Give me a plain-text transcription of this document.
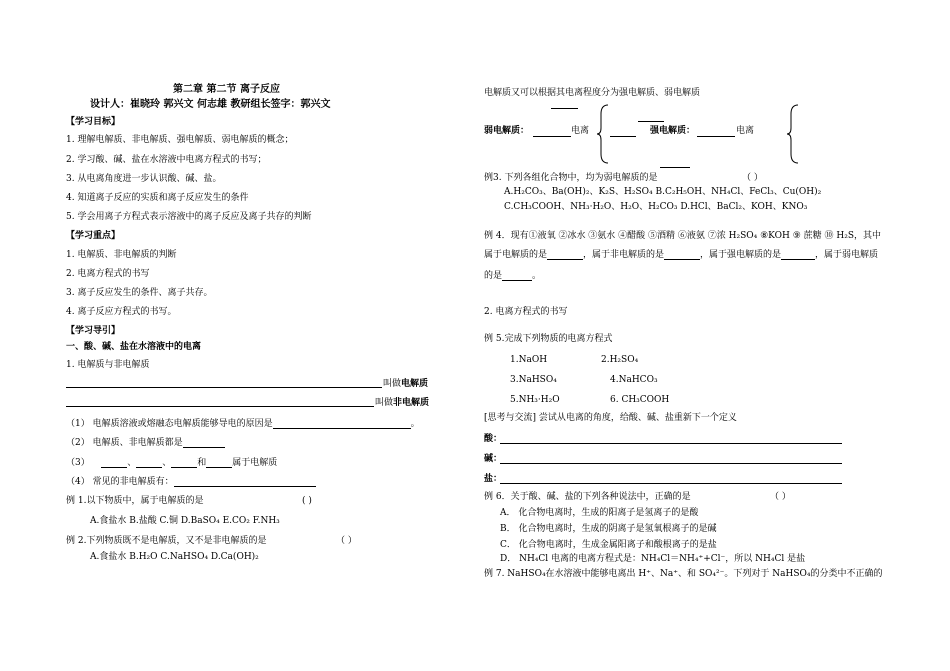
第二章 第二节 离子反应
设计人：崔晓玲 郭兴文 何志雄 教研组长签字：郭兴文
【学习目标】
1. 理解电解质、非电解质、强电解质、弱电解质的概念；
2. 学习酸、碱、盐在水溶液中电离方程式的书写；
3. 从电离角度进一步认识酸、碱、盐。
4. 知道离子反应的实质和离子反应发生的条件
5. 学会用离子方程式表示溶液中的离子反应及离子共存的判断
【学习重点】
1. 电解质、非电解质的判断
2. 电离方程式的书写
3. 离子反应发生的条件、离子共存。
4. 离子反应方程式的书写。
【学习导引】
一、酸、碱、盐在水溶液中的电离
1. 电解质与非电解质
叫做电解质
叫做非电解质
（1） 电解质溶液或熔融态电解质能够导电的原因是	。
（2） 电解质、非电解质都是
（3）	、	、	和	属于电解质
（4） 常见的非电解质有：
例 1.以下物质中，属于电解质的是	( )
A.食盐水 B.盐酸 C.铜 D.BaSO₄ E.CO₂ F.NH₃
例 2.下列物质既不是电解质，又不是非电解质的是	（ ）
A.食盐水 B.H₂O C.NaHSO₄ D.Ca(OH)₂
电解质又可以根据其电离程度分为强电解质、弱电解质
弱电解质：	电离	强电解质：	电离
例3. 下列各组化合物中，均为弱电解质的是	（ ）
A.H₂CO₃、Ba(OH)₂、K₂S、H₂SO₄ B.C₂H₅OH、NH₄Cl、FeCl₃、Cu(OH)₂
C.CH₃COOH、NH₃·H₂O、H₂O、H₂CO₃ D.HCl、BaCl₂、KOH、KNO₃
例 4．现有①液氧 ②冰水 ③氨水 ④醋酸 ⑤酒精 ⑥液氨 ⑦浓 H₂SO₄ ⑧KOH ⑨ 蔗糖 ⑩ H₂S，其中
属于电解质的是	，属于非电解质的是	，属于强电解质的是	，属于弱电解质
的是	。
2. 电离方程式的书写
例 5.完成下列物质的电离方程式
1.NaOH	2.H₂SO₄
3.NaHSO₄	4.NaHCO₃
5.NH₃·H₂O	6. CH₃COOH
[思考与交流] 尝试从电离的角度，给酸、碱、盐重新下一个定义
酸：
碱：
盐：
例 6．关于酸、碱、盐的下列各种说法中，正确的是	（ ）
A． 化合物电离时，生成的阳离子是氢离子的是酸
B． 化合物电离时，生成的阴离子是氢氧根离子的是碱
C． 化合物电离时，生成金属阳离子和酸根离子的是盐
D． NH₄Cl 电离的电离方程式是：NH₄Cl＝NH₄⁺+Cl⁻，所以 NH₄Cl 是盐
例 7. NaHSO₄在水溶液中能够电离出 H⁺、Na⁺、和 SO₄²⁻。下列对于 NaHSO₄的分类中不正确的
